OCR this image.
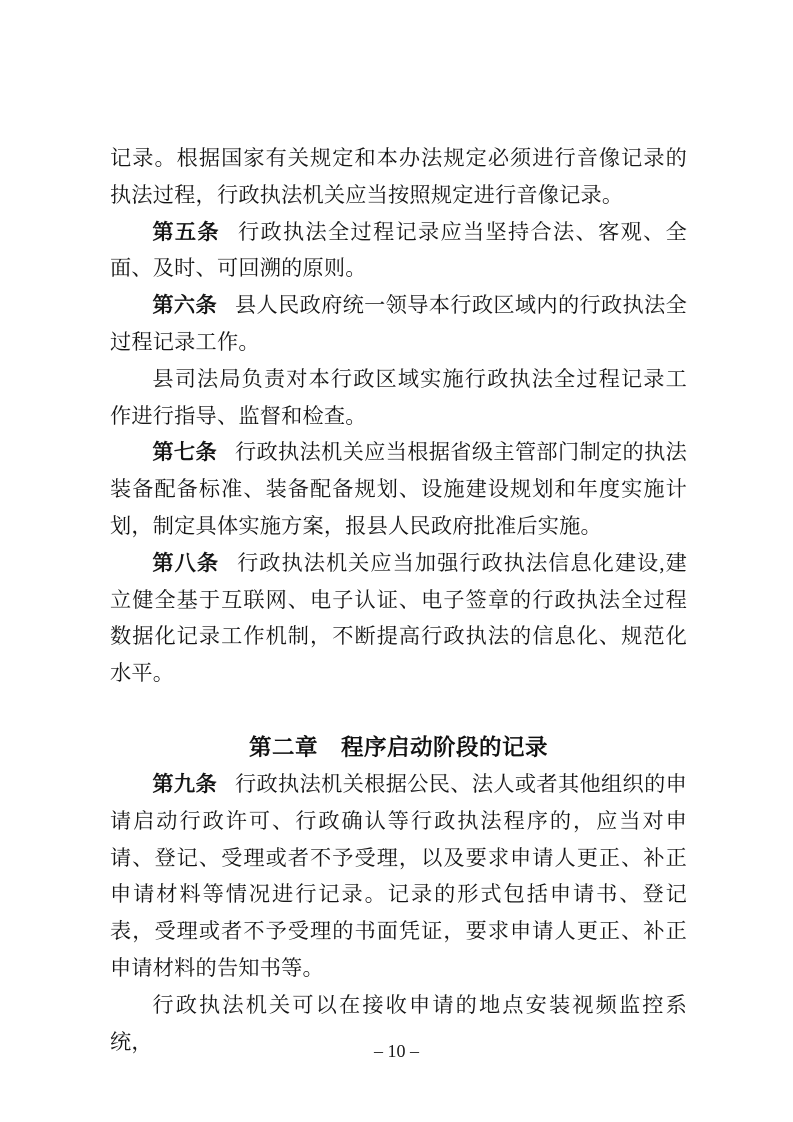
记录。根据国家有关规定和本办法规定必须进行音像记录的执法过程，行政执法机关应当按照规定进行音像记录。

第五条 行政执法全过程记录应当坚持合法、客观、全面、及时、可回溯的原则。

第六条 县人民政府统一领导本行政区域内的行政执法全过程记录工作。

县司法局负责对本行政区域实施行政执法全过程记录工作进行指导、监督和检查。

第七条 行政执法机关应当根据省级主管部门制定的执法装备配备标准、装备配备规划、设施建设规划和年度实施计划，制定具体实施方案，报县人民政府批准后实施。

第八条 行政执法机关应当加强行政执法信息化建设,建立健全基于互联网、电子认证、电子签章的行政执法全过程数据化记录工作机制，不断提高行政执法的信息化、规范化水平。

第二章　程序启动阶段的记录

第九条 行政执法机关根据公民、法人或者其他组织的申请启动行政许可、行政确认等行政执法程序的，应当对申请、登记、受理或者不予受理，以及要求申请人更正、补正申请材料等情况进行记录。记录的形式包括申请书、登记表，受理或者不予受理的书面凭证，要求申请人更正、补正申请材料的告知书等。

行政执法机关可以在接收申请的地点安装视频监控系统，	– 10 –
